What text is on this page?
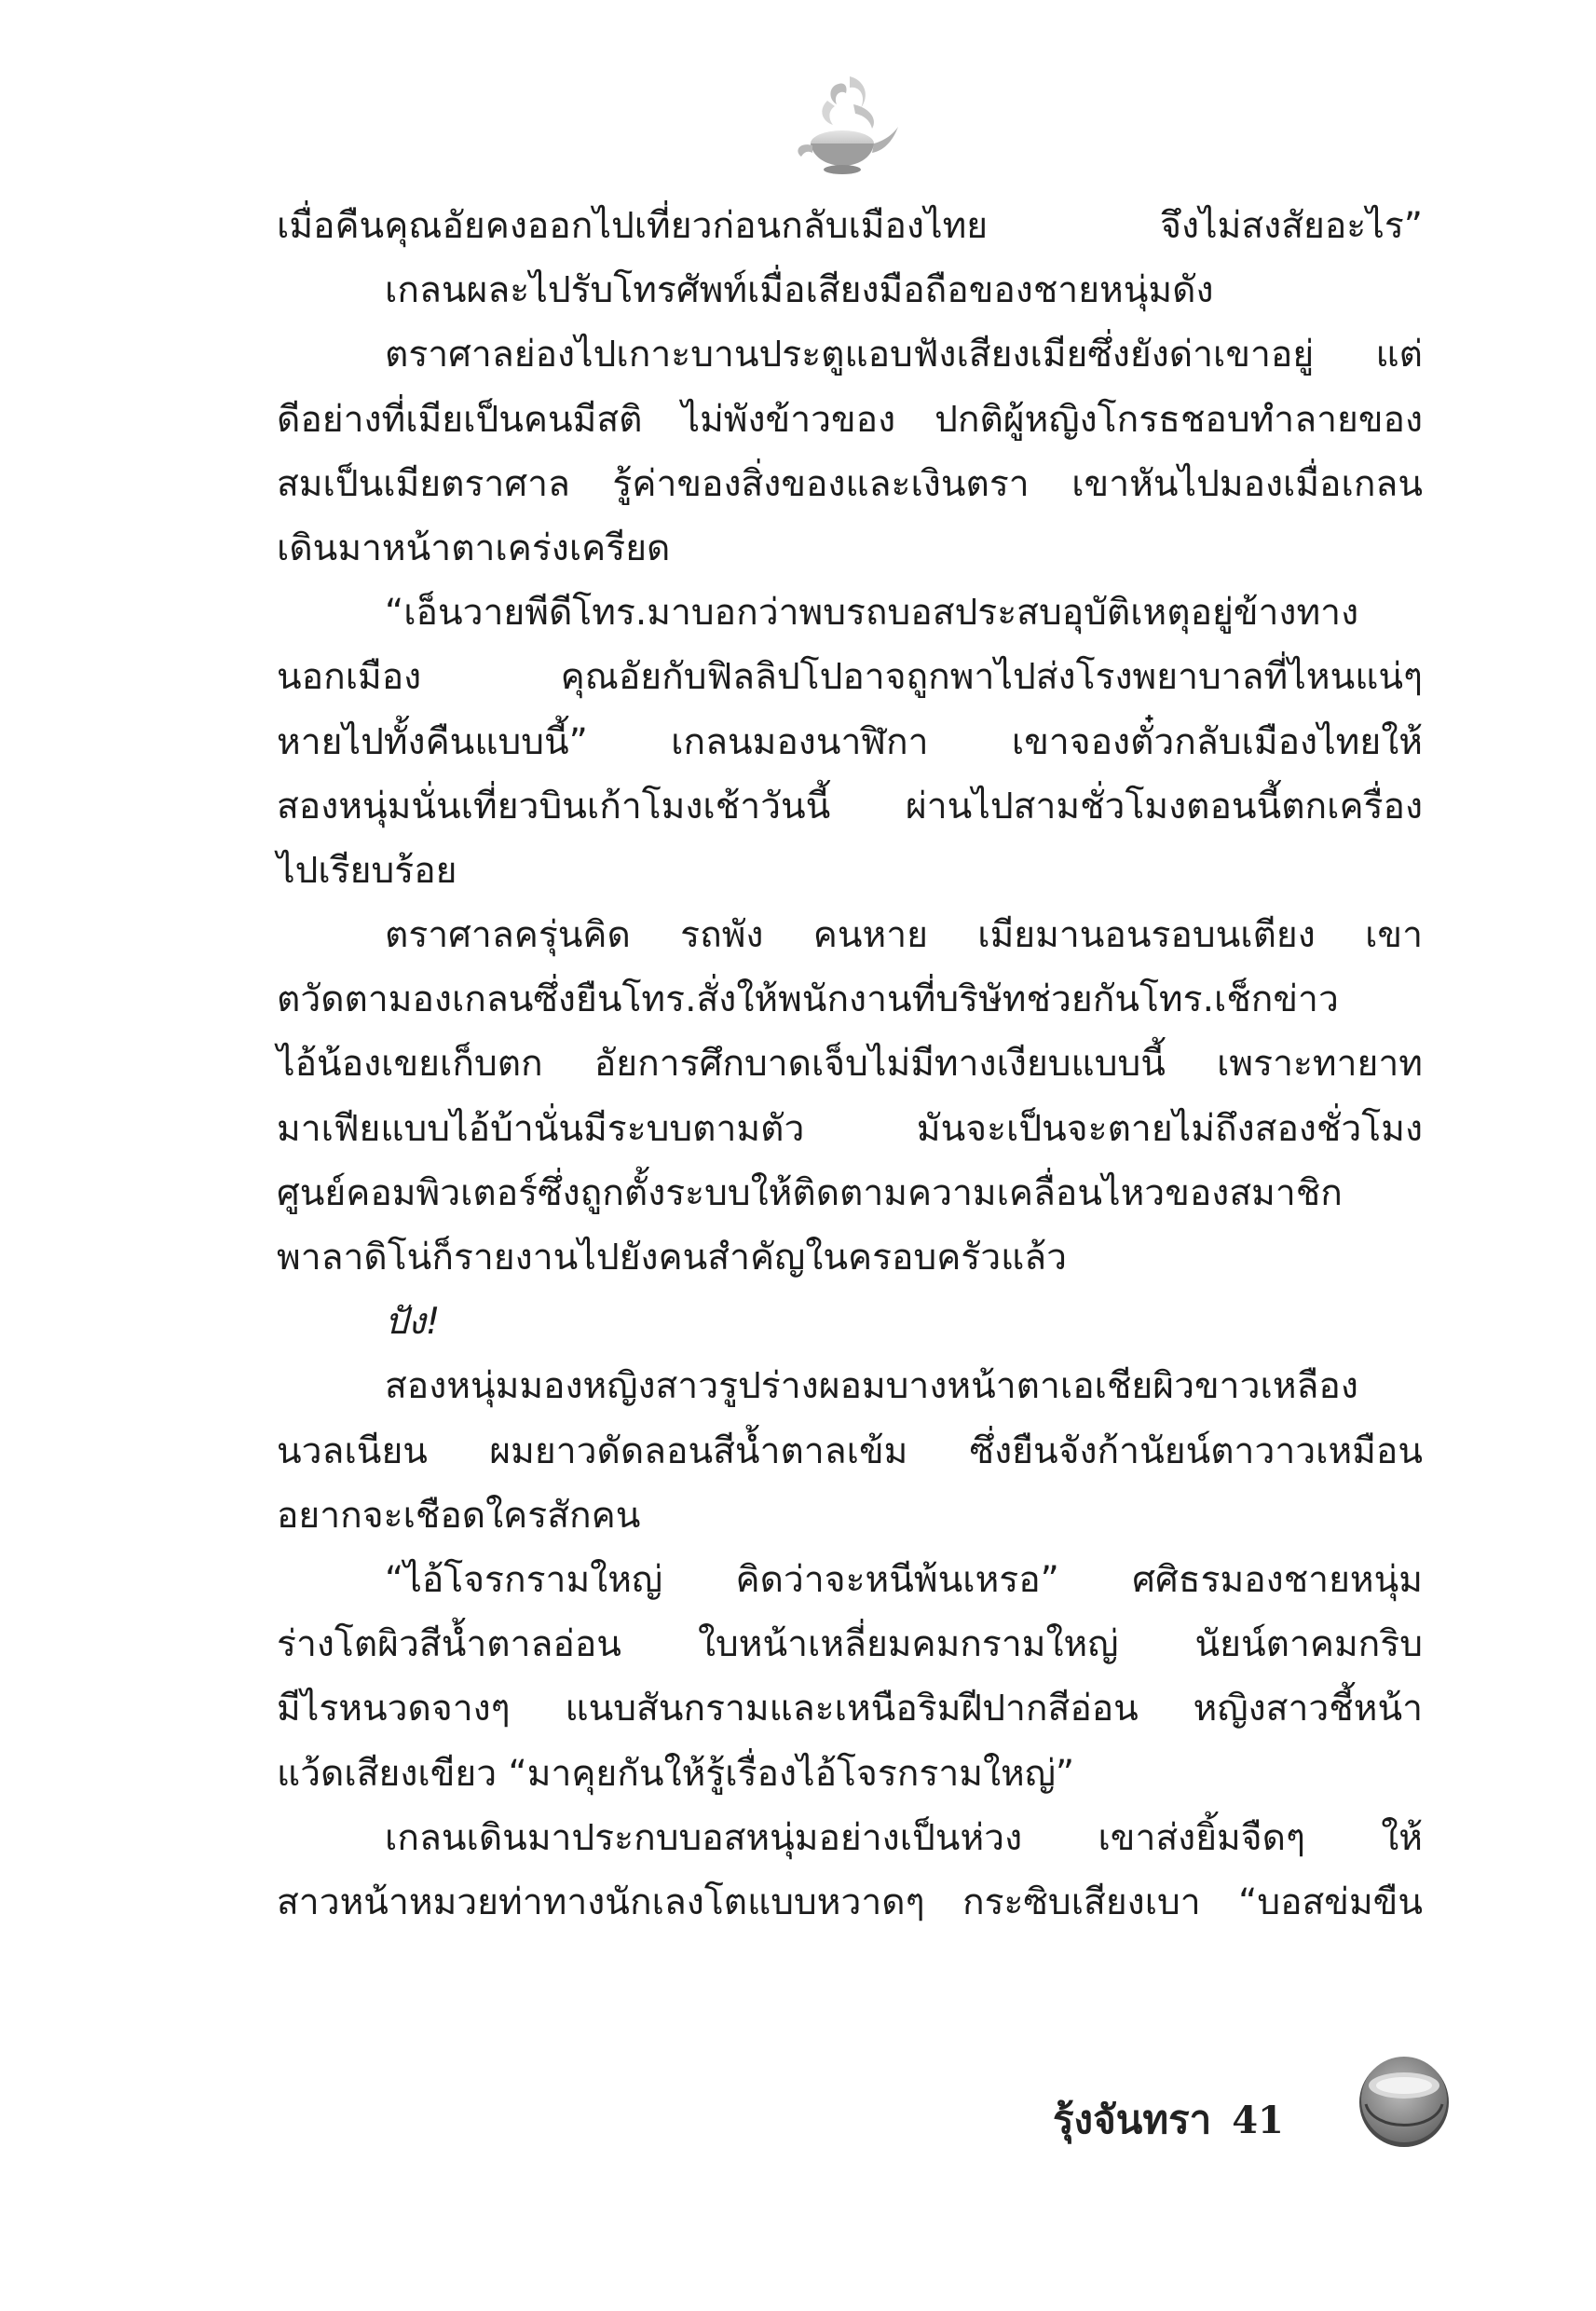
เมื่อคืนคุณอัยคงออกไปเที่ยวก่อนกลับเมืองไทย จึงไม่สงสัยอะไร”
เกลนผละไปรับโทรศัพท์เมื่อเสียงมือถือของชายหนุ่มดัง
ตราศาลย่องไปเกาะบานประตูแอบฟังเสียงเมียซึ่งยังด่าเขาอยู่ แต่
ดีอย่างที่เมียเป็นคนมีสติ ไม่พังข้าวของ ปกติผู้หญิงโกรธชอบทำลายของ
สมเป็นเมียตราศาล รู้ค่าของสิ่งของและเงินตรา เขาหันไปมองเมื่อเกลน
เดินมาหน้าตาเคร่งเครียด
“เอ็นวายพีดีโทร.มาบอกว่าพบรถบอสประสบอุบัติเหตุอยู่ข้างทาง
นอกเมือง คุณอัยกับฟิลลิปโปอาจถูกพาไปส่งโรงพยาบาลที่ไหนแน่ๆ
หายไปทั้งคืนแบบนี้” เกลนมองนาฬิกา เขาจองตั๋วกลับเมืองไทยให้
สองหนุ่มนั่นเที่ยวบินเก้าโมงเช้าวันนี้ ผ่านไปสามชั่วโมงตอนนี้ตกเครื่อง
ไปเรียบร้อย
ตราศาลครุ่นคิด รถพัง คนหาย เมียมานอนรอบนเตียง เขา
ตวัดตามองเกลนซึ่งยืนโทร.สั่งให้พนักงานที่บริษัทช่วยกันโทร.เช็กข่าว
ไอ้น้องเขยเก็บตก อัยการศึกบาดเจ็บไม่มีทางเงียบแบบนี้ เพราะทายาท
มาเฟียแบบไอ้บ้านั่นมีระบบตามตัว มันจะเป็นจะตายไม่ถึงสองชั่วโมง
ศูนย์คอมพิวเตอร์ซึ่งถูกตั้งระบบให้ติดตามความเคลื่อนไหวของสมาชิก
พาลาดิโน่ก็รายงานไปยังคนสำคัญในครอบครัวแล้ว
ปัง!
สองหนุ่มมองหญิงสาวรูปร่างผอมบางหน้าตาเอเชียผิวขาวเหลือง
นวลเนียน ผมยาวดัดลอนสีน้ำตาลเข้ม ซึ่งยืนจังก้านัยน์ตาวาวเหมือน
อยากจะเชือดใครสักคน
“ไอ้โจรกรามใหญ่ คิดว่าจะหนีพ้นเหรอ” ศศิธรมองชายหนุ่ม
ร่างโตผิวสีน้ำตาลอ่อน ใบหน้าเหลี่ยมคมกรามใหญ่ นัยน์ตาคมกริบ
มีไรหนวดจางๆ แนบสันกรามและเหนือริมฝีปากสีอ่อน หญิงสาวชี้หน้า
แว้ดเสียงเขียว “มาคุยกันให้รู้เรื่องไอ้โจรกรามใหญ่”
เกลนเดินมาประกบบอสหนุ่มอย่างเป็นห่วง เขาส่งยิ้มจืดๆ ให้
สาวหน้าหมวยท่าทางนักเลงโตแบบหวาดๆ กระซิบเสียงเบา “บอสข่มขืน
รุ้งจันทรา 41
